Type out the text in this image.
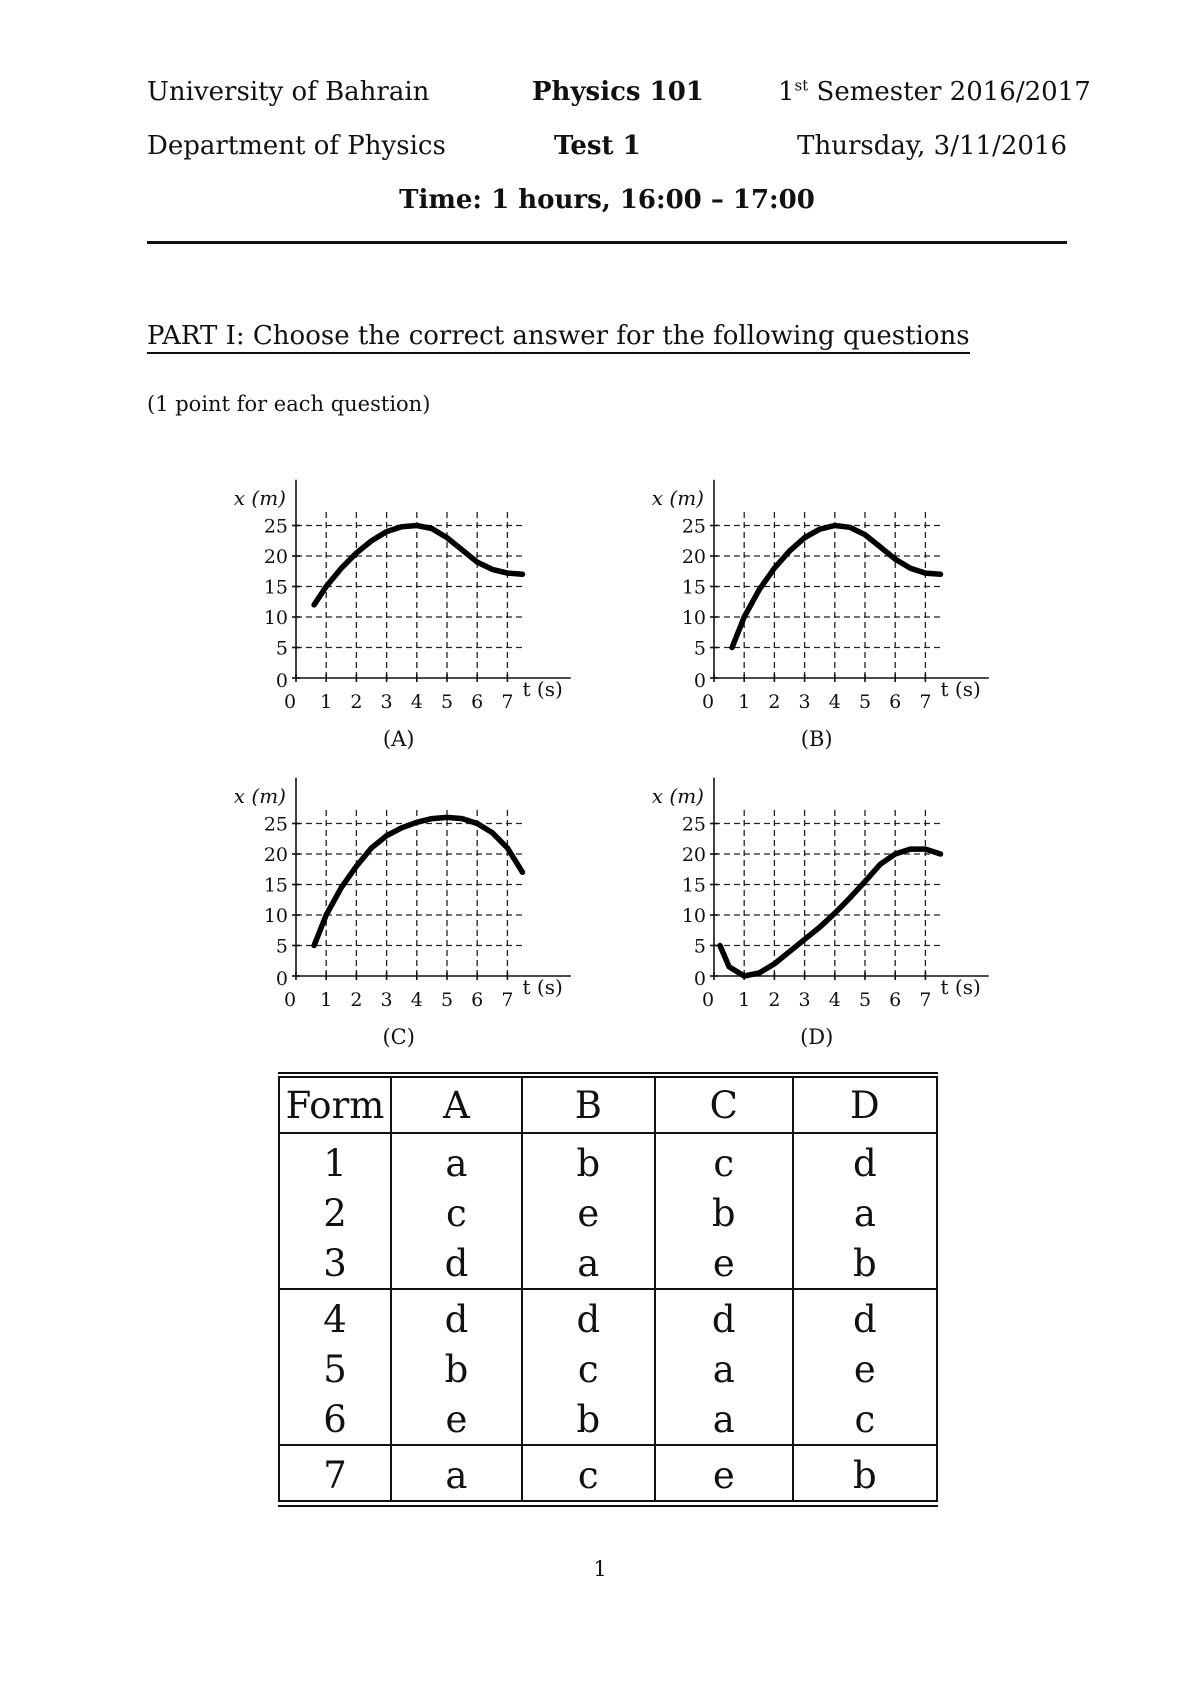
University of Bahrain	Physics 101	1st Semester 2016/2017
Department of Physics	Test 1	Thursday, 3/11/2016
Time: 1 hours, 16:00 – 17:00
PART I: Choose the correct answer for the following questions
(1 point for each question)
0
5
10
15
20
25
0 1 2 3 4 5 6 7
x (m)
t (s)
(A)
0
5
10
15
20
25
0 1 2 3 4 5 6 7
x (m)
t (s)
(B)
0
5
10
15
20
25
0 1 2 3 4 5 6 7
x (m)
t (s)
(C)
0
5
10
15
20
25
0 1 2 3 4 5 6 7
x (m)
t (s)
(D)
Form	A	B	C	D
1	a	b	c	d
2	c	e	b	a
3	d	a	e	b
4	d	d	d	d
5	b	c	a	e
6	e	b	a	c
7	a	c	e	b
1
